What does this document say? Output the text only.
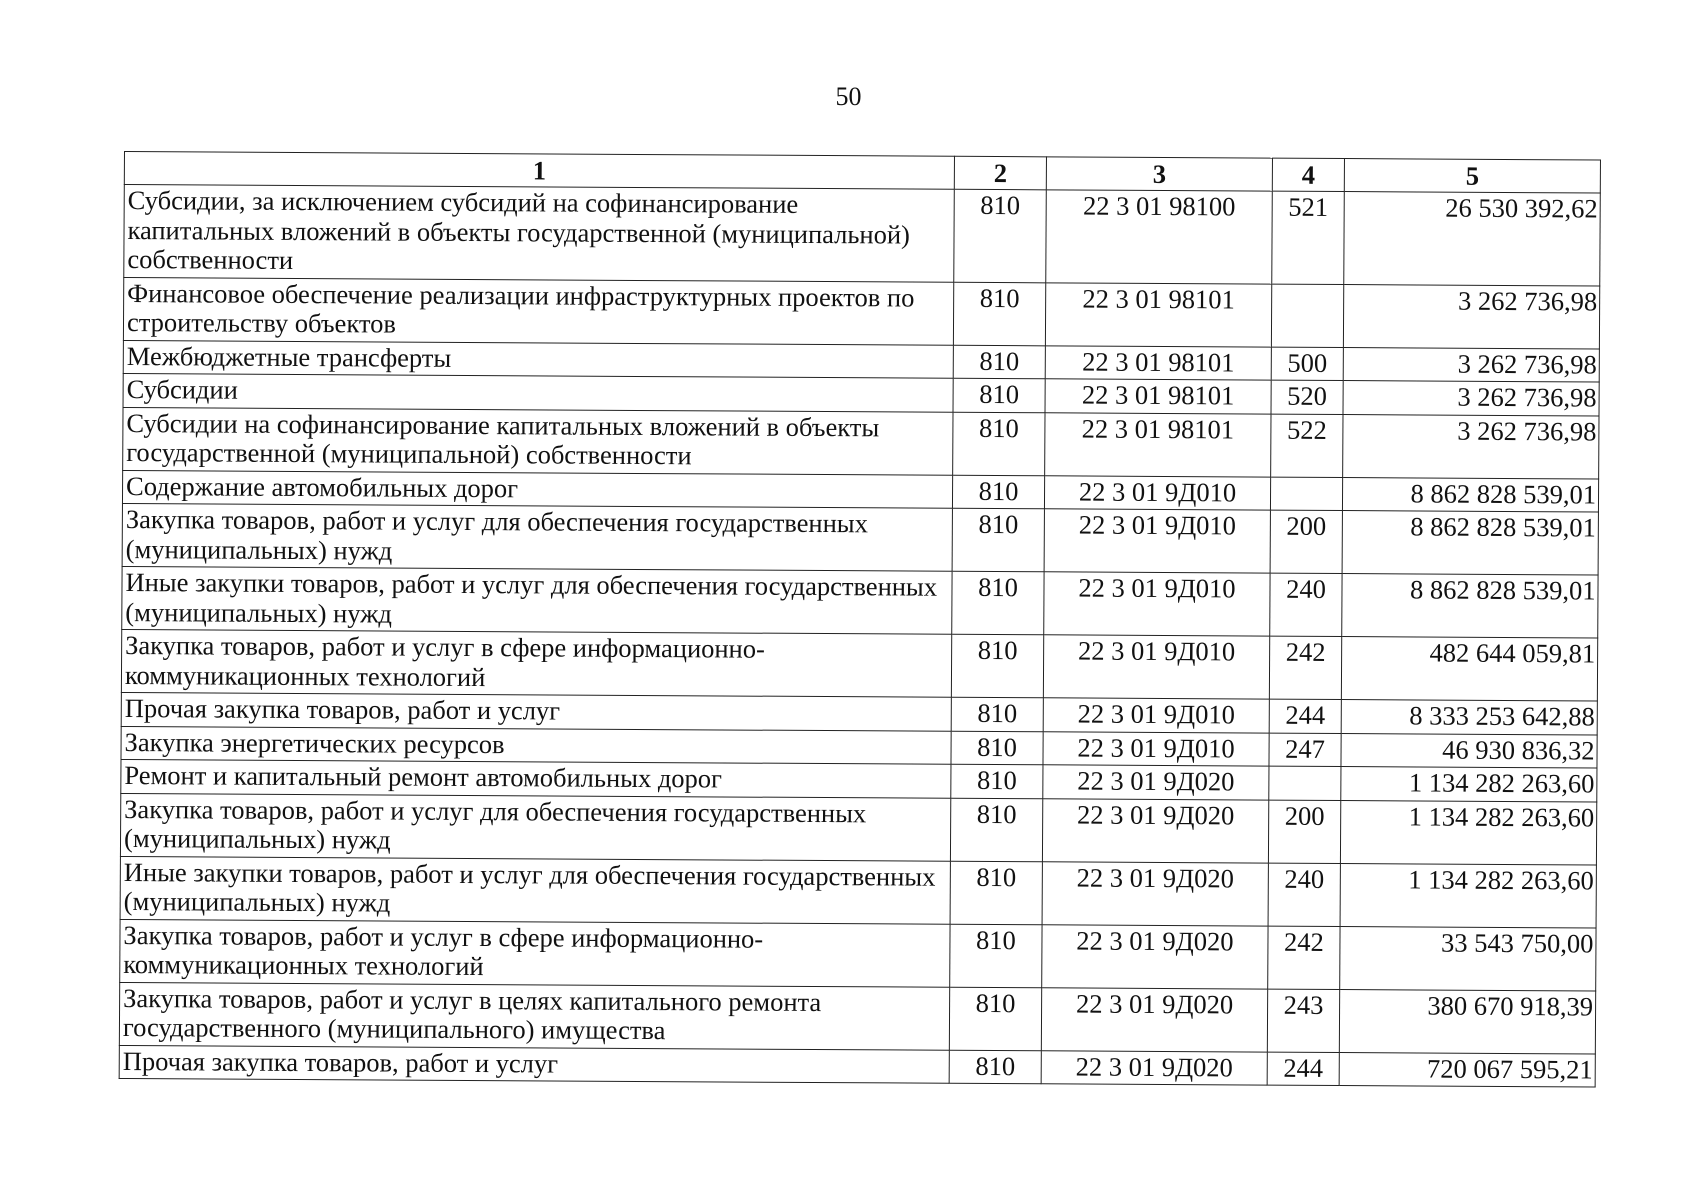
50
1	2	3	4	5
Субсидии, за исключением субсидий на софинансирование капитальных вложений в объекты государственной (муниципальной) собственности	810	22 3 01 98100	521	26 530 392,62
Финансовое обеспечение реализации инфраструктурных проектов по строительству объектов	810	22 3 01 98101		3 262 736,98
Межбюджетные трансферты	810	22 3 01 98101	500	3 262 736,98
Субсидии	810	22 3 01 98101	520	3 262 736,98
Субсидии на софинансирование капитальных вложений в объекты государственной (муниципальной) собственности	810	22 3 01 98101	522	3 262 736,98
Содержание автомобильных дорог	810	22 3 01 9Д010		8 862 828 539,01
Закупка товаров, работ и услуг для обеспечения государственных (муниципальных) нужд	810	22 3 01 9Д010	200	8 862 828 539,01
Иные закупки товаров, работ и услуг для обеспечения государственных (муниципальных) нужд	810	22 3 01 9Д010	240	8 862 828 539,01
Закупка товаров, работ и услуг в сфере информационно-коммуникационных технологий	810	22 3 01 9Д010	242	482 644 059,81
Прочая закупка товаров, работ и услуг	810	22 3 01 9Д010	244	8 333 253 642,88
Закупка энергетических ресурсов	810	22 3 01 9Д010	247	46 930 836,32
Ремонт и капитальный ремонт автомобильных дорог	810	22 3 01 9Д020		1 134 282 263,60
Закупка товаров, работ и услуг для обеспечения государственных (муниципальных) нужд	810	22 3 01 9Д020	200	1 134 282 263,60
Иные закупки товаров, работ и услуг для обеспечения государственных (муниципальных) нужд	810	22 3 01 9Д020	240	1 134 282 263,60
Закупка товаров, работ и услуг в сфере информационно-коммуникационных технологий	810	22 3 01 9Д020	242	33 543 750,00
Закупка товаров, работ и услуг в целях капитального ремонта государственного (муниципального) имущества	810	22 3 01 9Д020	243	380 670 918,39
Прочая закупка товаров, работ и услуг	810	22 3 01 9Д020	244	720 067 595,21
